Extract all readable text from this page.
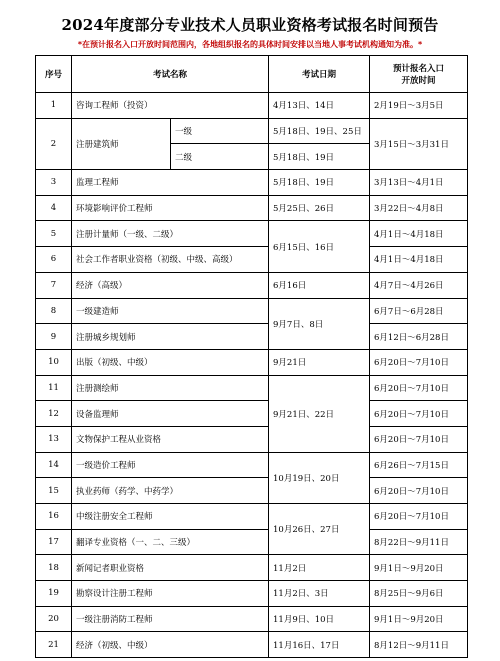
2024年度部分专业技术人员职业资格考试报名时间预告
*在预计报名入口开放时间范围内，各地组织报名的具体时间安排以当地人事考试机构通知为准。*
序号	考试名称		考试日期	预计报名入口
开放时间

1	咨询工程师（投资）		4月13日、14日	2月19日～3月5日
2	注册建筑师	一级	5月18日、19日、25日	3月15日～3月31日
		二级	5月18日、19日	
3	监理工程师		5月18日、19日	3月13日～4月1日
4	环境影响评价工程师		5月25日、26日	3月22日～4月8日
5	注册计量师（一级、二级）		6月15日、16日	4月1日～4月18日
6	社会工作者职业资格（初级、中级、高级）			4月1日～4月18日
7	经济（高级）		6月16日	4月7日～4月26日
8	一级建造师		9月7日、8日	6月7日～6月28日
9	注册城乡规划师			6月12日～6月28日
10	出版（初级、中级）		9月21日	6月20日～7月10日
11	注册测绘师		9月21日、22日	6月20日～7月10日
12	设备监理师			6月20日～7月10日
13	文物保护工程从业资格			6月20日～7月10日
14	一级造价工程师		10月19日、20日	6月26日～7月15日
15	执业药师（药学、中药学）			6月20日～7月10日
16	中级注册安全工程师		10月26日、27日	6月20日～7月10日
17	翻译专业资格（一、二、三级）			8月22日～9月11日
18	新闻记者职业资格		11月2日	9月1日～9月20日
19	勘察设计注册工程师		11月2日、3日	8月25日～9月6日
20	一级注册消防工程师		11月9日、10日	9月1日～9月20日
21	经济（初级、中级）		11月16日、17日	8月12日～9月11日
